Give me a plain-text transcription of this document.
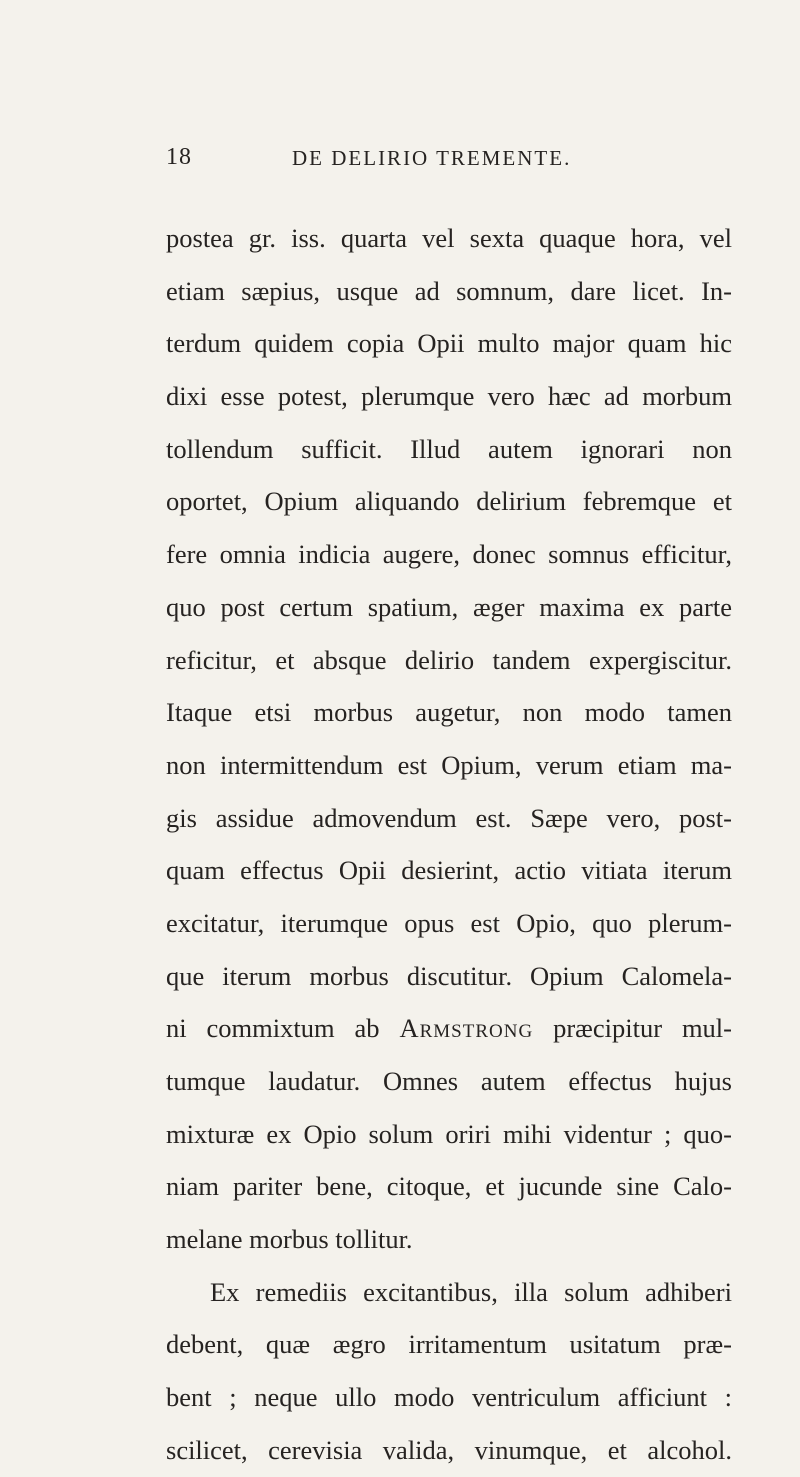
18	DE DELIRIO TREMENTE.
postea gr. iss. quarta vel sexta quaque hora, vel
etiam sæpius, usque ad somnum, dare licet. In-
terdum quidem copia Opii multo major quam hic
dixi esse potest, plerumque vero hæc ad morbum
tollendum sufficit. Illud autem ignorari non
oportet, Opium aliquando delirium febremque et
fere omnia indicia augere, donec somnus efficitur,
quo post certum spatium, æger maxima ex parte
reficitur, et absque delirio tandem expergiscitur.
Itaque etsi morbus augetur, non modo tamen
non intermittendum est Opium, verum etiam ma-
gis assidue admovendum est. Sæpe vero, post-
quam effectus Opii desierint, actio vitiata iterum
excitatur, iterumque opus est Opio, quo plerum-
que iterum morbus discutitur. Opium Calomela-
ni commixtum ab Armstrong præcipitur mul-
tumque laudatur. Omnes autem effectus hujus
mixturæ ex Opio solum oriri mihi videntur ; quo-
niam pariter bene, citoque, et jucunde sine Calo-
melane morbus tollitur.
Ex remediis excitantibus, illa solum adhiberi
debent, quæ ægro irritamentum usitatum præ-
bent ; neque ullo modo ventriculum afficiunt :
scilicet, cerevisia valida, vinumque, et alcohol.
